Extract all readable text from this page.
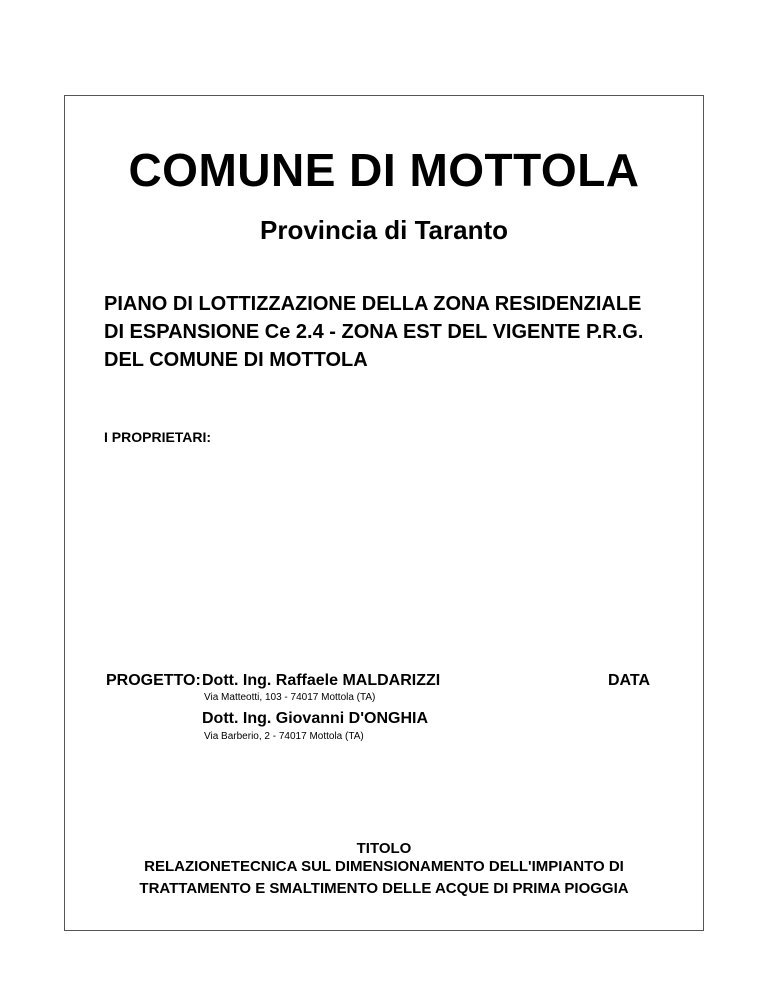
COMUNE DI MOTTOLA
Provincia di Taranto
PIANO DI LOTTIZZAZIONE DELLA ZONA RESIDENZIALE
DI ESPANSIONE Ce 2.4 - ZONA EST DEL VIGENTE P.R.G.
DEL COMUNE DI MOTTOLA
I PROPRIETARI:
PROGETTO: Dott. Ing. Raffaele MALDARIZZI
Via Matteotti, 103 - 74017 Mottola (TA)
Dott. Ing. Giovanni D'ONGHIA
Via Barberio, 2 - 74017 Mottola (TA)
DATA
TITOLO
RELAZIONETECNICA SUL DIMENSIONAMENTO DELL'IMPIANTO DI
TRATTAMENTO E SMALTIMENTO DELLE ACQUE DI PRIMA PIOGGIA
